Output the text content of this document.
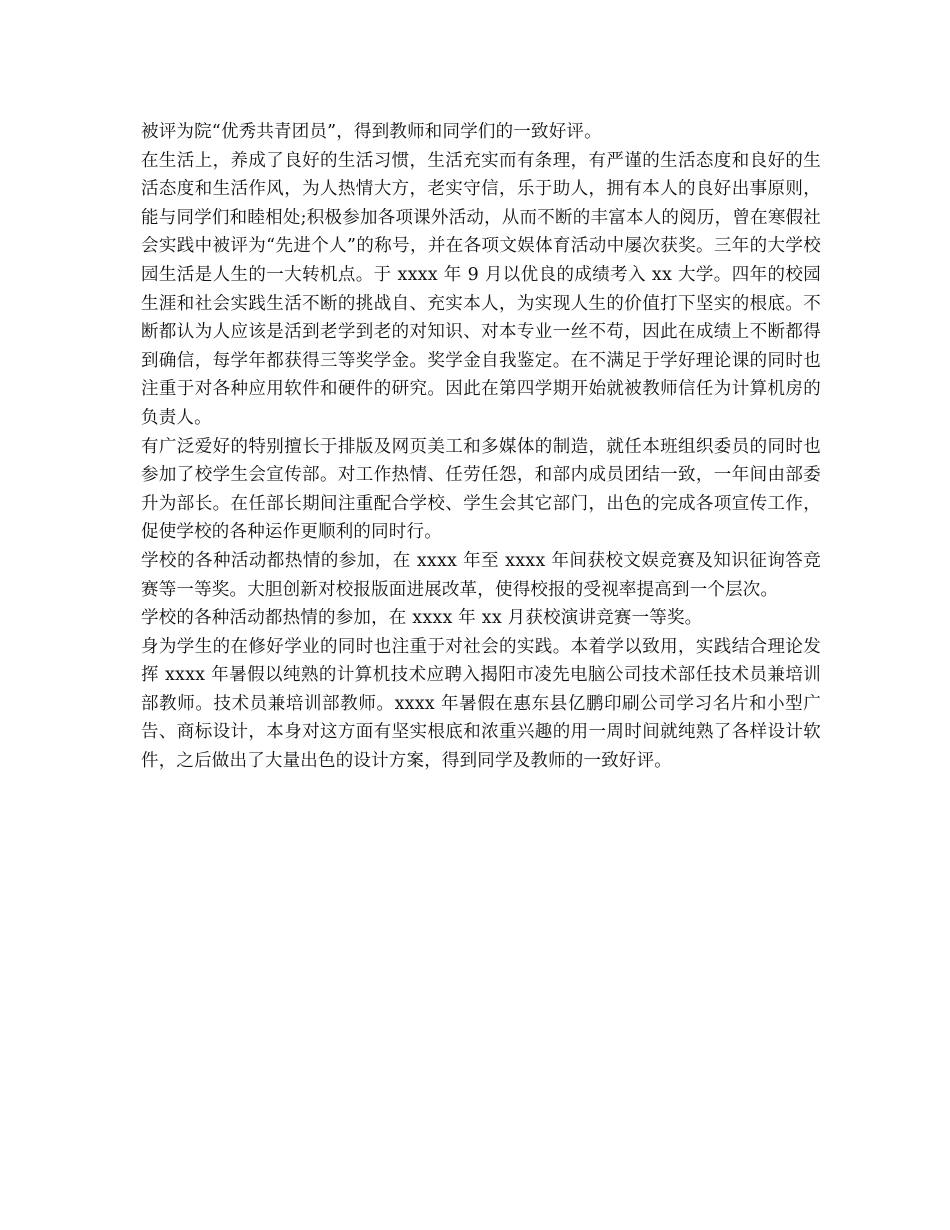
被评为院“优秀共青团员”，得到教师和同学们的一致好评。

在生活上，养成了良好的生活习惯，生活充实而有条理，有严谨的生活态度和良好的生活态度和生活作风，为人热情大方，老实守信，乐于助人，拥有本人的良好出事原则，能与同学们和睦相处;积极参加各项课外活动，从而不断的丰富本人的阅历，曾在寒假社会实践中被评为“先进个人”的称号，并在各项文娱体育活动中屡次获奖。三年的大学校园生活是人生的一大转机点。于 xxxx 年 9 月以优良的成绩考入 xx 大学。四年的校园生涯和社会实践生活不断的挑战自、充实本人，为实现人生的价值打下坚实的根底。不断都认为人应该是活到老学到老的对知识、对本专业一丝不苟，因此在成绩上不断都得到确信，每学年都获得三等奖学金。奖学金自我鉴定。在不满足于学好理论课的同时也注重于对各种应用软件和硬件的研究。因此在第四学期开始就被教师信任为计算机房的负责人。

有广泛爱好的特别擅长于排版及网页美工和多媒体的制造，就任本班组织委员的同时也参加了校学生会宣传部。对工作热情、任劳任怨，和部内成员团结一致，一年间由部委升为部长。在任部长期间注重配合学校、学生会其它部门，出色的完成各项宣传工作，促使学校的各种运作更顺利的同时行。

学校的各种活动都热情的参加，在 xxxx 年至 xxxx 年间获校文娱竞赛及知识征询答竞赛等一等奖。大胆创新对校报版面进展改革，使得校报的受视率提高到一个层次。

学校的各种活动都热情的参加，在 xxxx 年 xx 月获校演讲竞赛一等奖。

身为学生的在修好学业的同时也注重于对社会的实践。本着学以致用，实践结合理论发挥 xxxx 年暑假以纯熟的计算机技术应聘入揭阳市凌先电脑公司技术部任技术员兼培训部教师。技术员兼培训部教师。xxxx 年暑假在惠东县亿鹏印刷公司学习名片和小型广告、商标设计，本身对这方面有坚实根底和浓重兴趣的用一周时间就纯熟了各样设计软件，之后做出了大量出色的设计方案，得到同学及教师的一致好评。
